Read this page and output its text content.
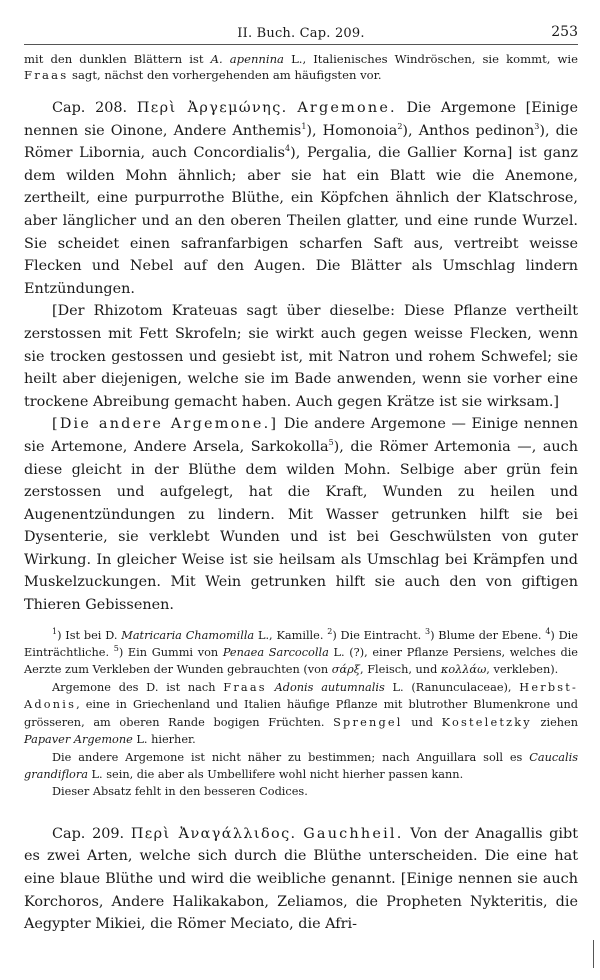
II. Buch. Cap. 209.	253

mit den dunklen Blättern ist A. apennina L., Italienisches Windröschen, sie kommt, wie Fraas sagt, nächst den vorhergehenden am häufigsten vor.

Cap. 208. Περὶ Ἀργεμώνης. Argemone. Die Argemone [Einige nennen sie Oinone, Andere Anthemis$^1$), Homonoia$^2$), Anthos pedinon$^3$), die Römer Libornia, auch Concordialis$^4$), Pergalia, die Gallier Korna] ist ganz dem wilden Mohn ähnlich; aber sie hat ein Blatt wie die Anemone, zertheilt, eine purpurrothe Blüthe, ein Köpfchen ähnlich der Klatschrose, aber länglicher und an den oberen Theilen glatter, und eine runde Wurzel. Sie scheidet einen safranfarbigen scharfen Saft aus, vertreibt weisse Flecken und Nebel auf den Augen. Die Blätter als Umschlag lindern Entzündungen.

[Der Rhizotom Krateuas sagt über dieselbe: Diese Pflanze vertheilt zerstossen mit Fett Skrofeln; sie wirkt auch gegen weisse Flecken, wenn sie trocken gestossen und gesiebt ist, mit Natron und rohem Schwefel; sie heilt aber diejenigen, welche sie im Bade anwenden, wenn sie vorher eine trockene Abreibung gemacht haben. Auch gegen Krätze ist sie wirksam.]

[Die andere Argemone.] Die andere Argemone — Einige nennen sie Artemone, Andere Arsela, Sarkokolla$^5$), die Römer Artemonia —, auch diese gleicht in der Blüthe dem wilden Mohn. Selbige aber grün fein zerstossen und aufgelegt, hat die Kraft, Wunden zu heilen und Augenentzündungen zu lindern. Mit Wasser getrunken hilft sie bei Dysenterie, sie verklebt Wunden und ist bei Geschwülsten von guter Wirkung. In gleicher Weise ist sie heilsam als Umschlag bei Krämpfen und Muskelzuckungen. Mit Wein getrunken hilft sie auch den von giftigen Thieren Gebissenen.

$^1$) Ist bei D. Matricaria Chamomilla L., Kamille. $^2$) Die Eintracht. $^3$) Blume der Ebene. $^4$) Die Einträchtliche. $^5$) Ein Gummi von Penaea Sarcocolla L. (?), einer Pflanze Persiens, welches die Aerzte zum Verkleben der Wunden gebrauchten (von σάρξ, Fleisch, und κολλάω, verkleben).

Argemone des D. ist nach Fraas Adonis autumnalis L. (Ranunculaceae), Herbst-Adonis, eine in Griechenland und Italien häufige Pflanze mit blutrother Blumenkrone und grösseren, am oberen Rande bogigen Früchten. Sprengel und Kosteletzky ziehen Papaver Argemone L. hierher.

Die andere Argemone ist nicht näher zu bestimmen; nach Anguillara soll es Caucalis grandiflora L. sein, die aber als Umbellifere wohl nicht hierher passen kann.

Dieser Absatz fehlt in den besseren Codices.

Cap. 209. Περὶ Ἀναγάλλιδος. Gauchheil. Von der Anagallis gibt es zwei Arten, welche sich durch die Blüthe unterscheiden. Die eine hat eine blaue Blüthe und wird die weibliche genannt. [Einige nennen sie auch Korchoros, Andere Halikakabon, Zeliamos, die Propheten Nykteritis, die Aegypter Mikiei, die Römer Meciato, die Afri-
